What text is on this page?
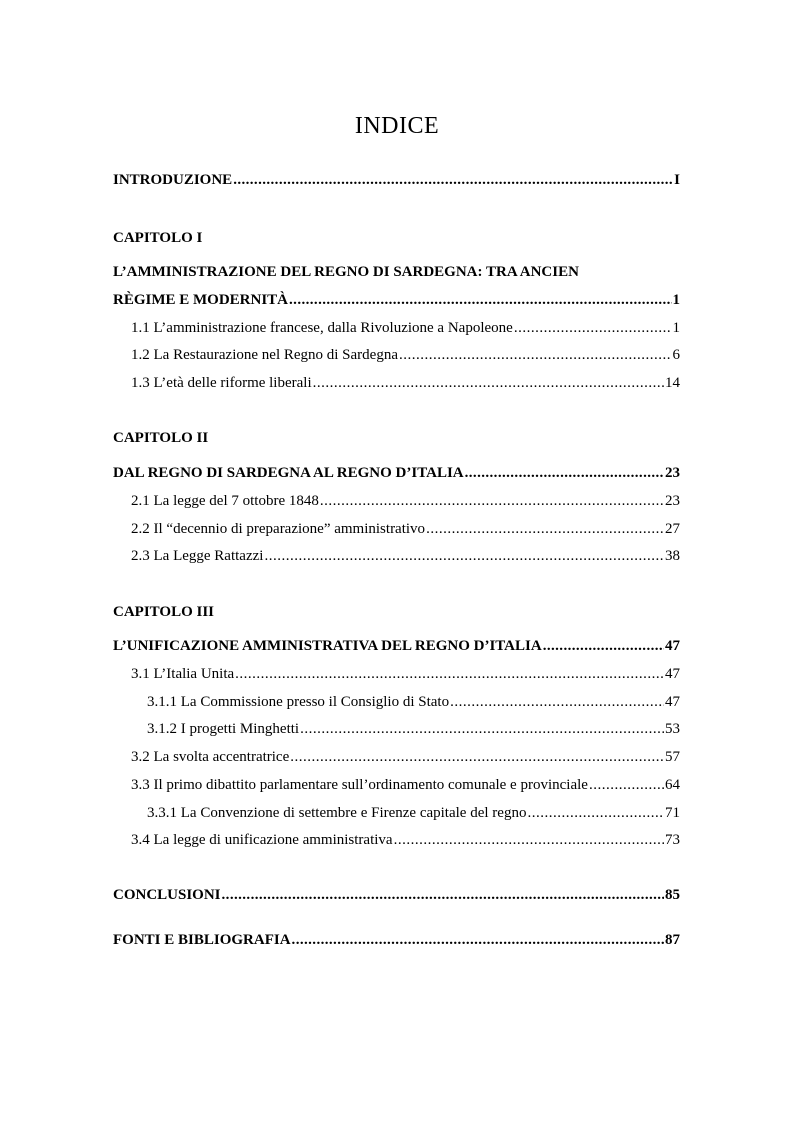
INDICE
INTRODUZIONE .....	I
CAPITOLO I
L’AMMINISTRAZIONE DEL REGNO DI SARDEGNA: TRA ANCIEN
RÈGIME E MODERNITÀ .....	1
1.1 L’amministrazione francese, dalla Rivoluzione a Napoleone .....	1
1.2 La Restaurazione nel Regno di Sardegna .....	6
1.3 L’età delle riforme liberali .....	14
CAPITOLO II
DAL REGNO DI SARDEGNA AL REGNO D’ITALIA .....	23
2.1 La legge del 7 ottobre 1848 .....	23
2.2 Il “decennio di preparazione” amministrativo .....	27
2.3 La Legge Rattazzi .....	38
CAPITOLO III
L’UNIFICAZIONE AMMINISTRATIVA DEL REGNO D’ITALIA .....	47
3.1 L’Italia Unita .....	47
3.1.1 La Commissione presso il Consiglio di Stato .....	47
3.1.2 I progetti Minghetti .....	53
3.2 La svolta accentratrice .....	57
3.3 Il primo dibattito parlamentare sull’ordinamento comunale e provinciale .....	64
3.3.1 La Convenzione di settembre e Firenze capitale del regno .....	71
3.4 La legge di unificazione amministrativa .....	73
CONCLUSIONI .....	85
FONTI E BIBLIOGRAFIA .....	87
